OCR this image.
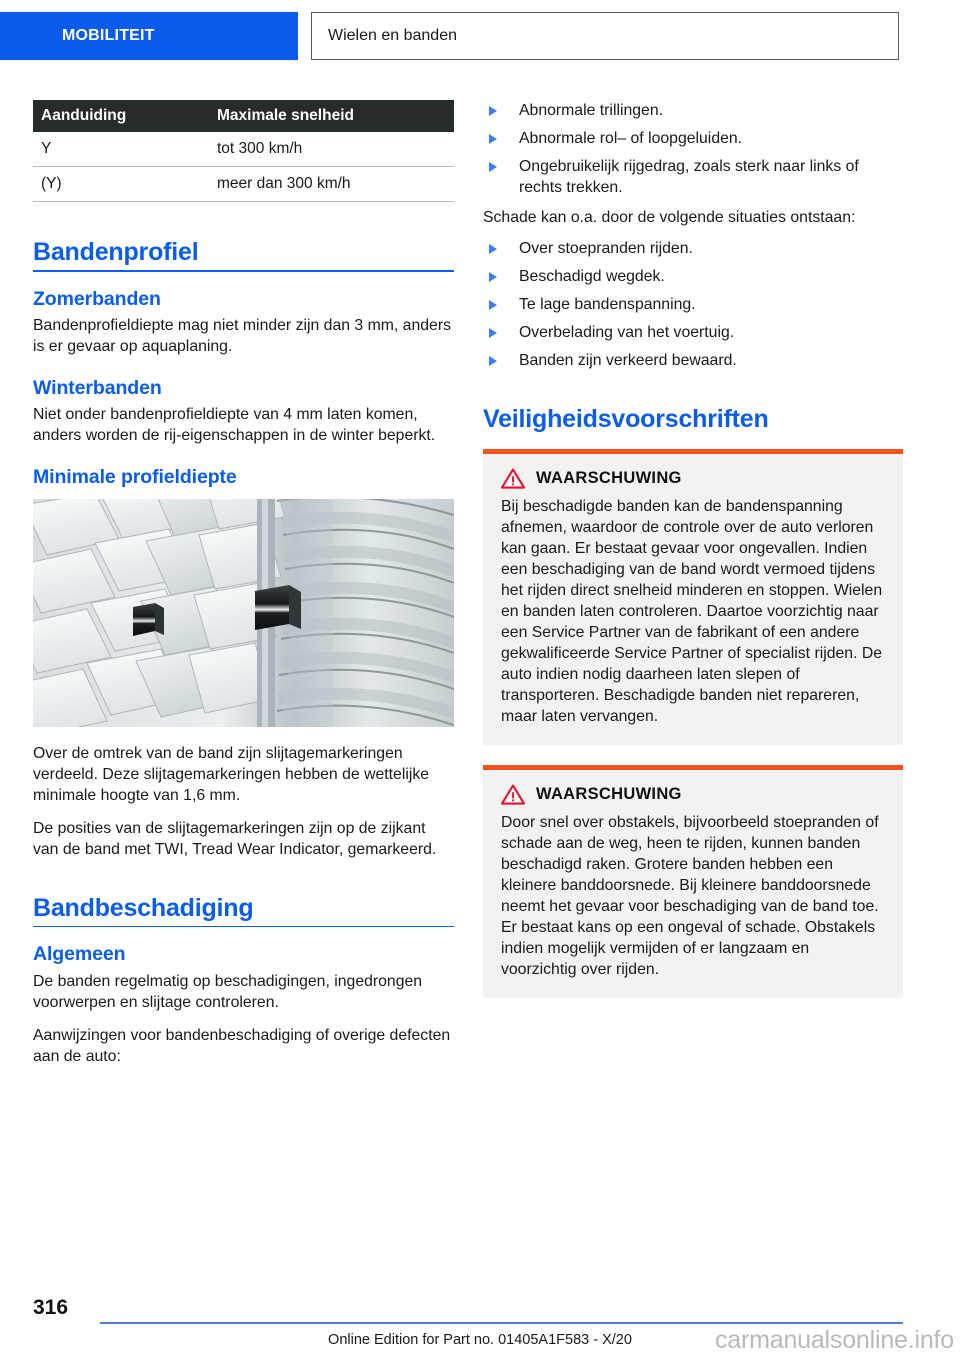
MOBILITEIT	Wielen en banden
Aanduiding	Maximale snelheid
Y	tot 300 km/h
(Y)	meer dan 300 km/h
Bandenprofiel
Zomerbanden

Bandenprofieldiepte mag niet minder zijn dan 3 mm, anders is er gevaar op aquaplaning.

Winterbanden

Niet onder bandenprofieldiepte van 4 mm laten komen, anders worden de rij-eigenschappen in de winter beperkt.

Minimale profieldiepte

Over de omtrek van de band zijn slijtagemarkeringen verdeeld. Deze slijtagemarkeringen hebben de wettelijke minimale hoogte van 1,6 mm.

De posities van de slijtagemarkeringen zijn op de zijkant van de band met TWI, Tread Wear Indicator, gemarkeerd.

Bandbeschadiging
Algemeen

De banden regelmatig op beschadigingen, ingedrongen voorwerpen en slijtage controleren.

Aanwijzingen voor bandenbeschadiging of overige defecten aan de auto:

Abnormale trillingen.
Abnormale rol– of loopgeluiden.
Ongebruikelijk rijgedrag, zoals sterk naar links of rechts trekken.

Schade kan o.a. door de volgende situaties ontstaan:

Over stoepranden rijden.
Beschadigd wegdek.
Te lage bandenspanning.
Overbelading van het voertuig.
Banden zijn verkeerd bewaard.
Veiligheidsvoorschriften
WAARSCHUWING

Bij beschadigde banden kan de bandenspanning afnemen, waardoor de controle over de auto verloren kan gaan. Er bestaat gevaar voor ongevallen. Indien een beschadiging van de band wordt vermoed tijdens het rijden direct snelheid minderen en stoppen. Wielen en banden laten controleren. Daartoe voorzichtig naar een Service Partner van de fabrikant of een andere gekwalificeerde Service Partner of specialist rijden. De auto indien nodig daarheen laten slepen of transporteren. Beschadigde banden niet repareren, maar laten vervangen.

WAARSCHUWING

Door snel over obstakels, bijvoorbeeld stoepranden of schade aan de weg, heen te rijden, kunnen banden beschadigd raken. Grotere banden hebben een kleinere banddoorsnede. Bij kleinere banddoorsnede neemt het gevaar voor beschadiging van de band toe. Er bestaat kans op een ongeval of schade. Obstakels indien mogelijk vermijden of er langzaam en voorzichtig over rijden.

316
Online Edition for Part no. 01405A1F583 - X/20	carmanualsonline.info
